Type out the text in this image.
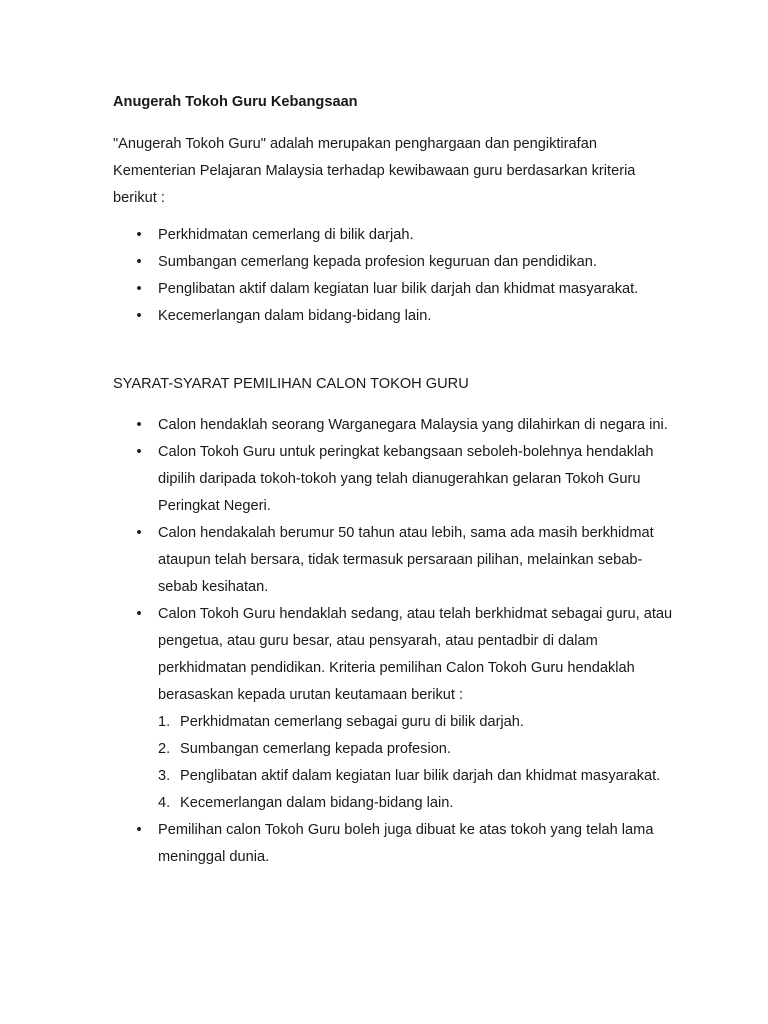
Anugerah Tokoh Guru Kebangsaan

"Anugerah Tokoh Guru" adalah merupakan penghargaan dan pengiktirafan Kementerian Pelajaran Malaysia terhadap kewibawaan guru berdasarkan kriteria berikut :

• Perkhidmatan cemerlang di bilik darjah.
• Sumbangan cemerlang kepada profesion keguruan dan pendidikan.
• Penglibatan aktif dalam kegiatan luar bilik darjah dan khidmat masyarakat.
• Kecemerlangan dalam bidang-bidang lain.
SYARAT-SYARAT PEMILIHAN CALON TOKOH GURU
• Calon hendaklah seorang Warganegara Malaysia yang dilahirkan di negara ini.
• Calon Tokoh Guru untuk peringkat kebangsaan seboleh-bolehnya hendaklah dipilih daripada tokoh-tokoh yang telah dianugerahkan gelaran Tokoh Guru Peringkat Negeri.
• Calon hendakalah berumur 50 tahun atau lebih, sama ada masih berkhidmat ataupun telah bersara, tidak termasuk persaraan pilihan, melainkan sebab-sebab kesihatan.
• Calon Tokoh Guru hendaklah sedang, atau telah berkhidmat sebagai guru, atau pengetua, atau guru besar, atau pensyarah, atau pentadbir di dalam perkhidmatan pendidikan. Kriteria pemilihan Calon Tokoh Guru hendaklah berasaskan kepada urutan keutamaan berikut :
1. Perkhidmatan cemerlang sebagai guru di bilik darjah.
2. Sumbangan cemerlang kepada profesion.
3. Penglibatan aktif dalam kegiatan luar bilik darjah dan khidmat masyarakat.
4. Kecemerlangan dalam bidang-bidang lain.
• Pemilihan calon Tokoh Guru boleh juga dibuat ke atas tokoh yang telah lama meninggal dunia.
